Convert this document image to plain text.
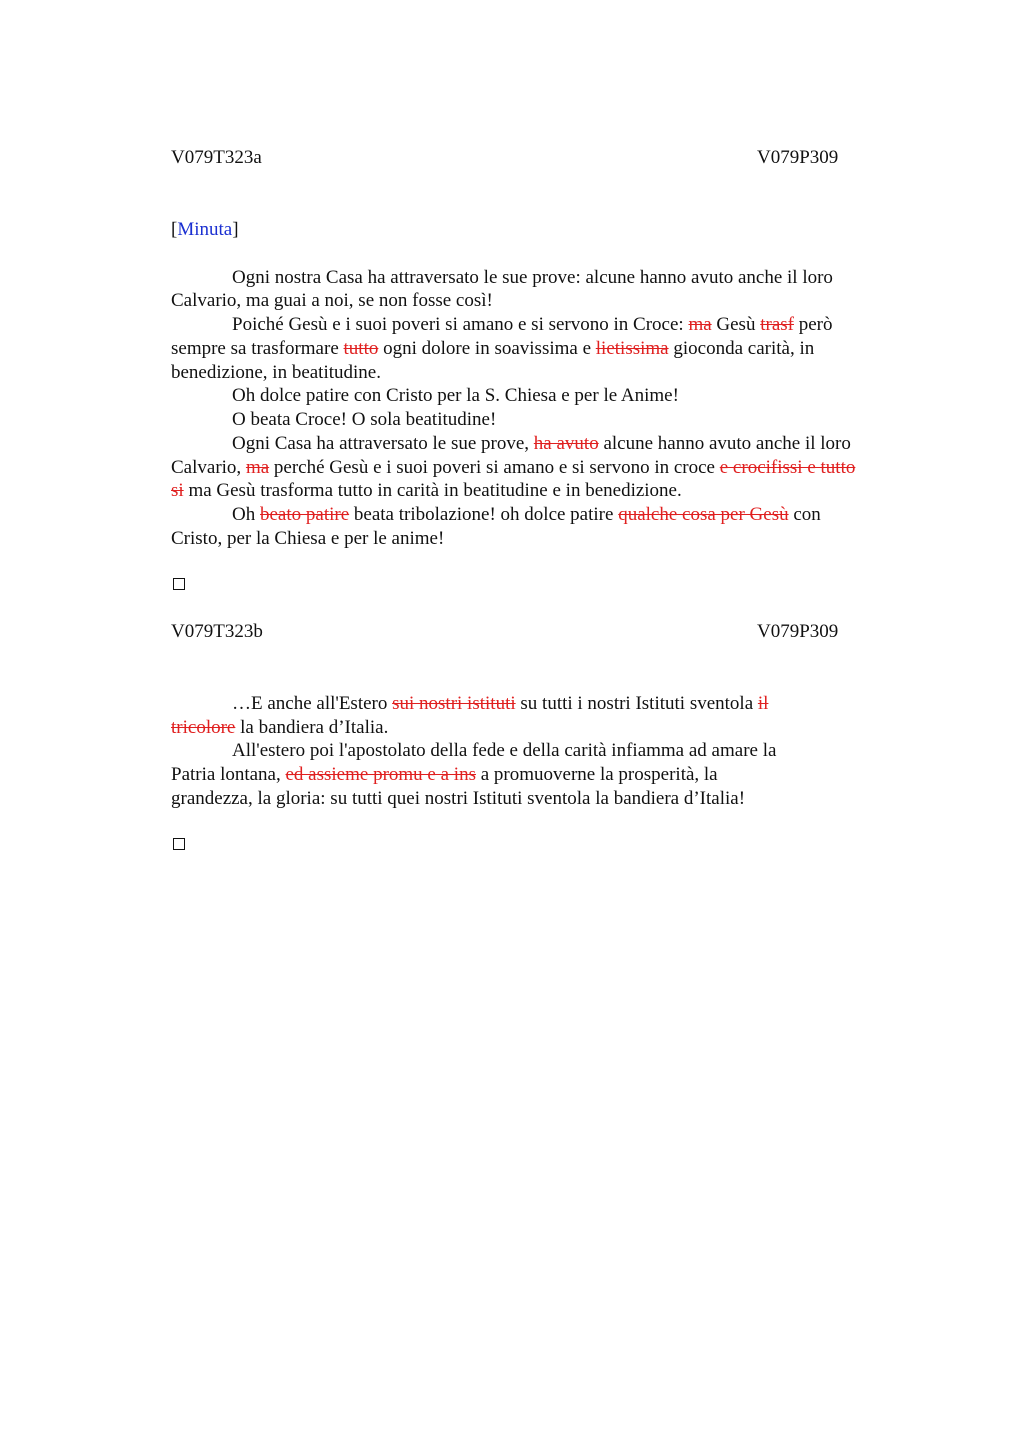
V079T323a	V079P309
[Minuta]
Ogni nostra Casa ha attraversato le sue prove: alcune hanno avuto anche il loro
Calvario, ma guai a noi, se non fosse così!
Poiché Gesù e i suoi poveri si amano e si servono in Croce: ma Gesù trasf però
sempre sa trasformare tutto ogni dolore in soavissima e lietissima gioconda carità, in
benedizione, in beatitudine.
Oh dolce patire con Cristo per la S. Chiesa e per le Anime!
O beata Croce! O sola beatitudine!
Ogni Casa ha attraversato le sue prove, ha avuto alcune hanno avuto anche il loro
Calvario, ma perché Gesù e i suoi poveri si amano e si servono in croce e crocifissi e tutto
si ma Gesù trasforma tutto in carità in beatitudine e in benedizione.
Oh beato patire beata tribolazione! oh dolce patire qualche cosa per Gesù con
Cristo, per la Chiesa e per le anime!
V079T323b	V079P309
…E anche all'Estero sui nostri istituti su tutti i nostri Istituti sventola il
tricolore la bandiera d’Italia.
All'estero poi l'apostolato della fede e della carità infiamma ad amare la
Patria lontana, ed assieme promu e a ins a promuoverne la prosperità, la
grandezza, la gloria: su tutti quei nostri Istituti sventola la bandiera d’Italia!
